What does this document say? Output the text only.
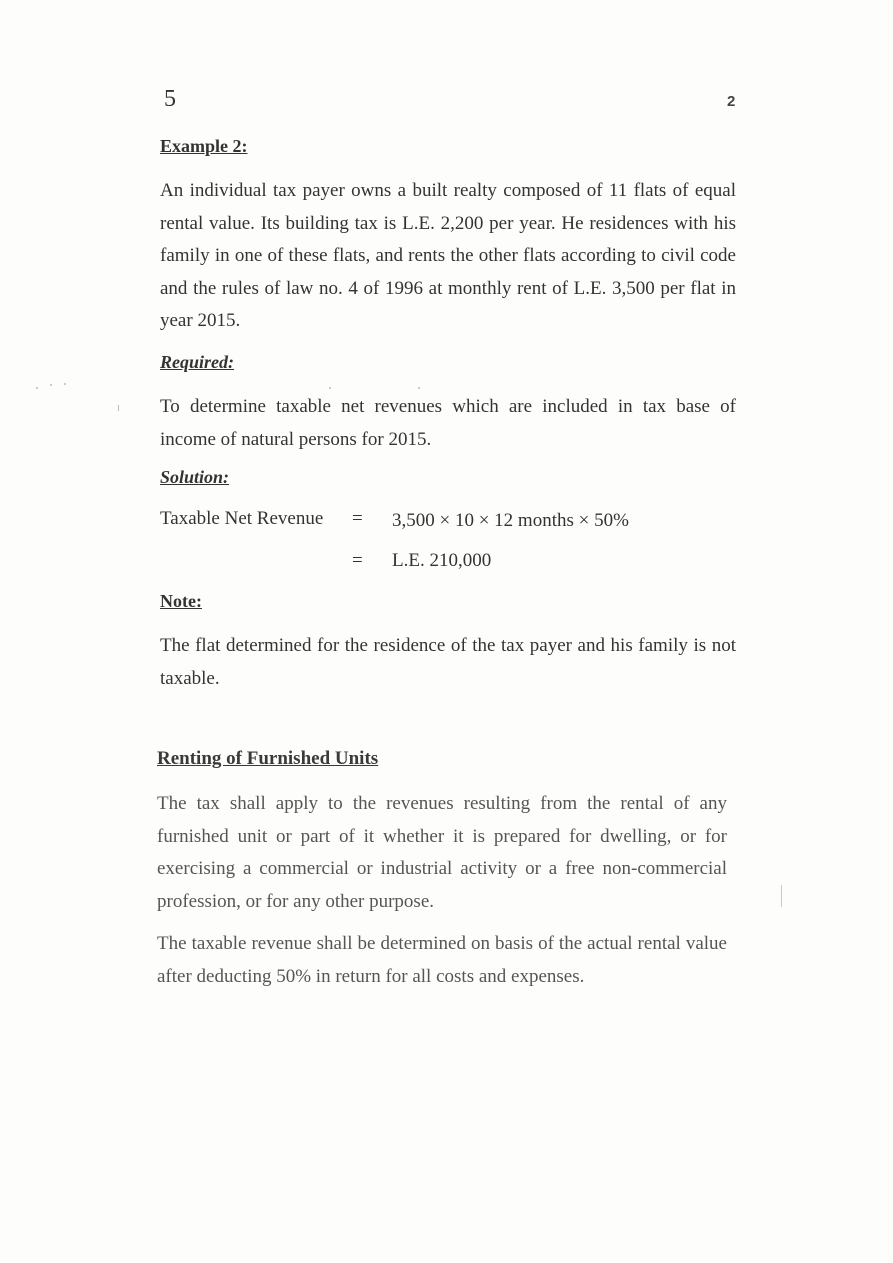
5	2
Example 2:
An individual tax payer owns a built realty composed of 11 flats of equal rental value. Its building tax is L.E. 2,200 per year. He residences with his family in one of these flats, and rents the other flats according to civil code and the rules of law no. 4 of 1996 at monthly rent of L.E. 3,500 per flat in year 2015.
Required:
To determine taxable net revenues which are included in tax base of income of natural persons for 2015.
Solution:
Taxable Net Revenue = 3,500 × 10 × 12 months × 50%
= L.E. 210,000
Note:
The flat determined for the residence of the tax payer and his family is not taxable.
Renting of Furnished Units
The tax shall apply to the revenues resulting from the rental of any furnished unit or part of it whether it is prepared for dwelling, or for exercising a commercial or industrial activity or a free non-commercial profession, or for any other purpose.
The taxable revenue shall be determined on basis of the actual rental value after deducting 50% in return for all costs and expenses.
